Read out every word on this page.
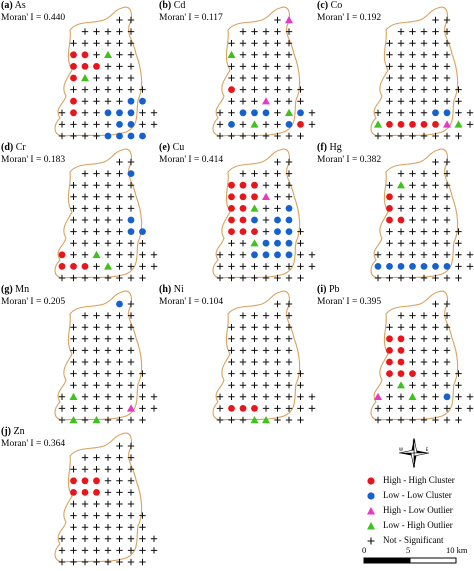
(a) As
Moran' I = 0.440
(b) Cd
Moran' I = 0.117
(c) Co
Moran' I = 0.192
(d) Cr
Moran' I = 0.183
(e) Cu
Moran' I = 0.414
(f) Hg
Moran' I = 0.382
(g) Mn
Moran' I = 0.205
(h) Ni
Moran' I = 0.104
(i) Pb
Moran' I = 0.395
(j) Zn
Moran' I = 0.364	N
S
E
W
High - High Cluster
Low - Low Cluster
High - Low Outlier
Low - High Outlier
Not - Significant
0	5	10 km
